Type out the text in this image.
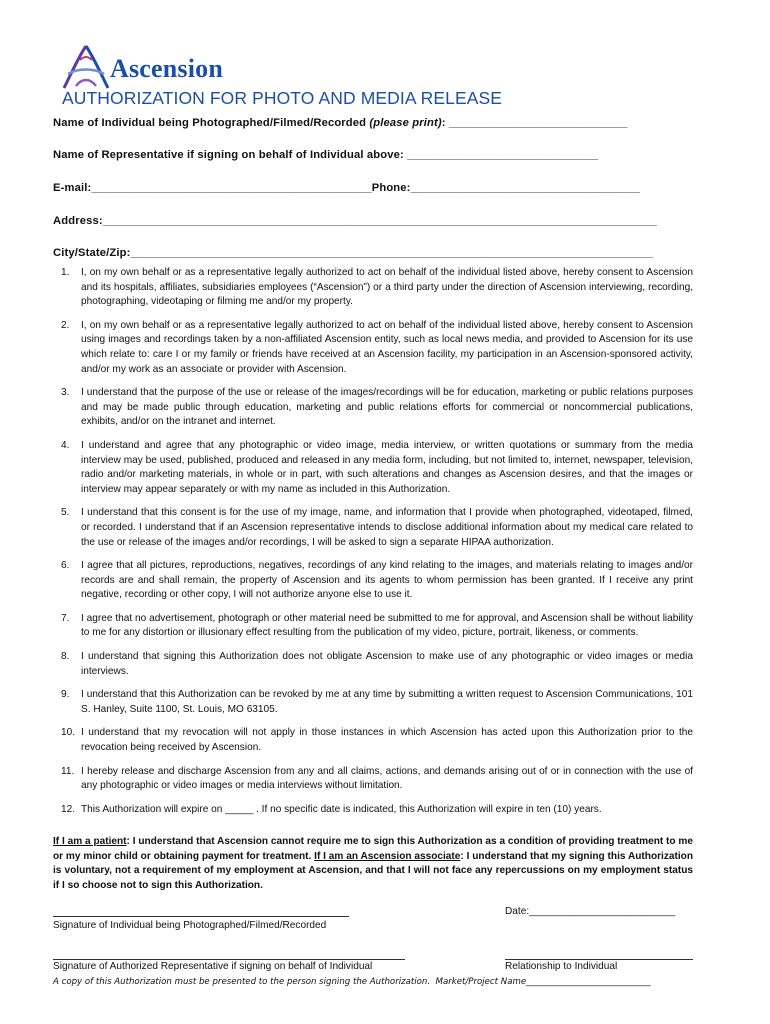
Ascension
AUTHORIZATION FOR PHOTO AND MEDIA RELEASE
Name of Individual being Photographed/Filmed/Recorded (please print): ____________________________
Name of Representative if signing on behalf of Individual above: ______________________________
E-mail:____________________________________________Phone:____________________________________
Address:_______________________________________________________________________________________
City/State/Zip:__________________________________________________________________________________
1.	I, on my own behalf or as a representative legally authorized to act on behalf of the individual listed above, hereby consent to Ascension and its hospitals, affiliates, subsidiaries employees (“Ascension”) or a third party under the direction of Ascension interviewing, recording, photographing, videotaping or filming me and/or my property.
2.	I, on my own behalf or as a representative legally authorized to act on behalf of the individual listed above, hereby consent to Ascension using images and recordings taken by a non-affiliated Ascension entity, such as local news media, and provided to Ascension for its use which relate to: care I or my family or friends have received at an Ascension facility, my participation in an Ascension-sponsored activity, and/or my work as an associate or provider with Ascension.
3.	I understand that the purpose of the use or release of the images/recordings will be for education, marketing or public relations purposes and may be made public through education, marketing and public relations efforts for commercial or noncommercial publications, exhibits, and/or on the intranet and internet.
4.	I understand and agree that any photographic or video image, media interview, or written quotations or summary from the media interview may be used, published, produced and released in any media form, including, but not limited to, internet, newspaper, television, radio and/or marketing materials, in whole or in part, with such alterations and changes as Ascension desires, and that the images or interview may appear separately or with my name as included in this Authorization.
5.	I understand that this consent is for the use of my image, name, and information that I provide when photographed, videotaped, filmed, or recorded. I understand that if an Ascension representative intends to disclose additional information about my medical care related to the use or release of the images and/or recordings, I will be asked to sign a separate HIPAA authorization.
6.	I agree that all pictures, reproductions, negatives, recordings of any kind relating to the images, and materials relating to images and/or records are and shall remain, the property of Ascension and its agents to whom permission has been granted. If I receive any print negative, recording or other copy, I will not authorize anyone else to use it.
7.	I agree that no advertisement, photograph or other material need be submitted to me for approval, and Ascension shall be without liability to me for any distortion or illusionary effect resulting from the publication of my video, picture, portrait, likeness, or comments.
8.	I understand that signing this Authorization does not obligate Ascension to make use of any photographic or video images or media interviews.
9.	I understand that this Authorization can be revoked by me at any time by submitting a written request to Ascension Communications, 101 S. Hanley, Suite 1100, St. Louis, MO 63105.
10. I understand that my revocation will not apply in those instances in which Ascension has acted upon this Authorization prior to the revocation being received by Ascension.
11. I hereby release and discharge Ascension from any and all claims, actions, and demands arising out of or in connection with the use of any photographic or video images or media interviews without limitation.
12. This Authorization will expire on _____ . If no specific date is indicated, this Authorization will expire in ten (10) years.
If I am a patient: I understand that Ascension cannot require me to sign this Authorization as a condition of providing treatment to me or my minor child or obtaining payment for treatment. If I am an Ascension associate: I understand that my signing this Authorization is voluntary, not a requirement of my employment at Ascension, and that I will not face any repercussions on my employment status if I so choose not to sign this Authorization.
Date:__________________________
Signature of Individual being Photographed/Filmed/Recorded
Signature of Authorized Representative if signing on behalf of Individual	Relationship to Individual
A copy of this Authorization must be presented to the person signing the Authorization.  Market/Project Name_____________________________
